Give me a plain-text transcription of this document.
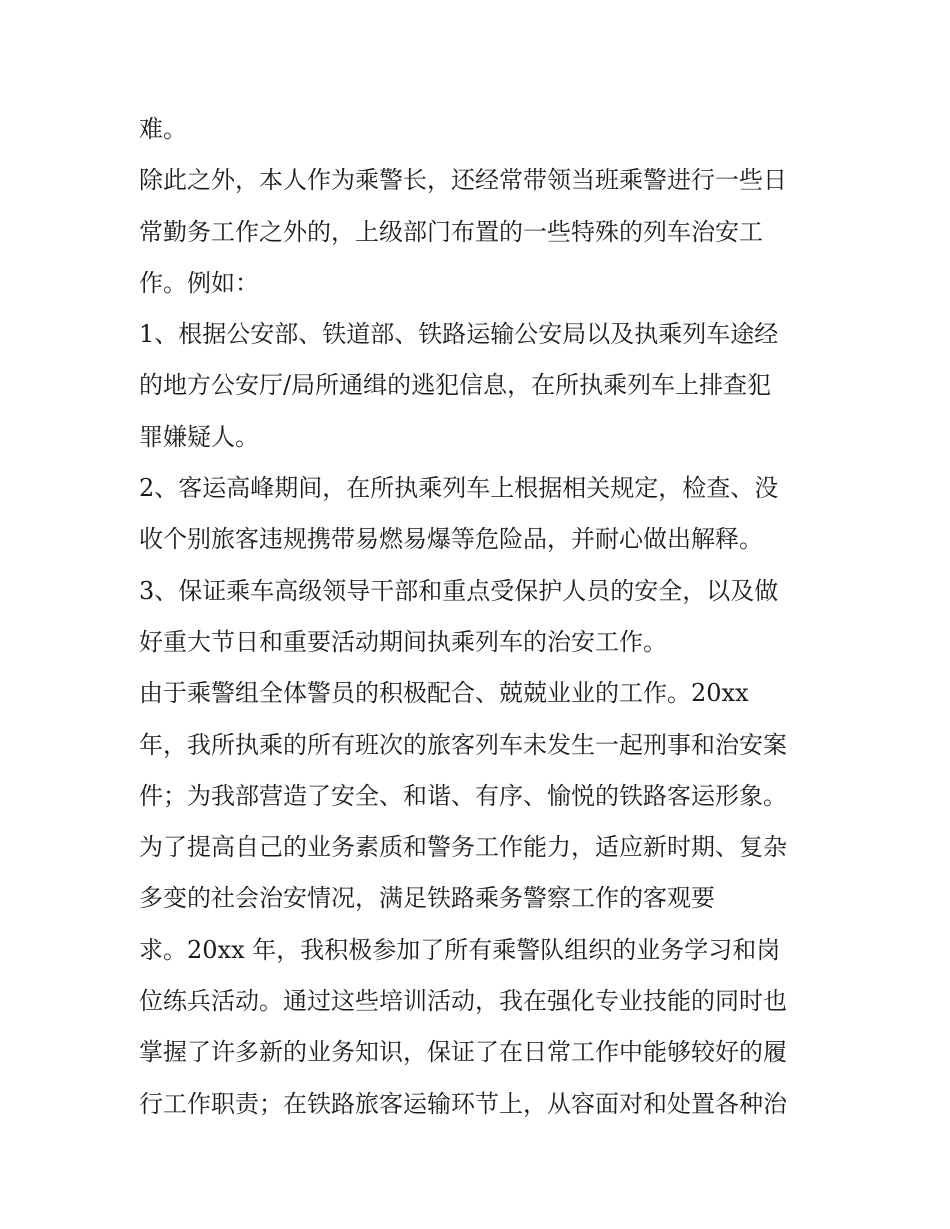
难。
除此之外，本人作为乘警长，还经常带领当班乘警进行一些日
常勤务工作之外的，上级部门布置的一些特殊的列车治安工
作。例如：
1、根据公安部、铁道部、铁路运输公安局以及执乘列车途经
的地方公安厅/局所通缉的逃犯信息，在所执乘列车上排查犯
罪嫌疑人。
2、客运高峰期间，在所执乘列车上根据相关规定，检查、没
收个别旅客违规携带易燃易爆等危险品，并耐心做出解释。
3、保证乘车高级领导干部和重点受保护人员的安全，以及做
好重大节日和重要活动期间执乘列车的治安工作。
由于乘警组全体警员的积极配合、兢兢业业的工作。20xx
年，我所执乘的所有班次的旅客列车未发生一起刑事和治安案
件；为我部营造了安全、和谐、有序、愉悦的铁路客运形象。
为了提高自己的业务素质和警务工作能力，适应新时期、复杂
多变的社会治安情况，满足铁路乘务警察工作的客观要
求。20xx 年，我积极参加了所有乘警队组织的业务学习和岗
位练兵活动。通过这些培训活动，我在强化专业技能的同时也
掌握了许多新的业务知识，保证了在日常工作中能够较好的履
行工作职责；在铁路旅客运输环节上，从容面对和处置各种治
